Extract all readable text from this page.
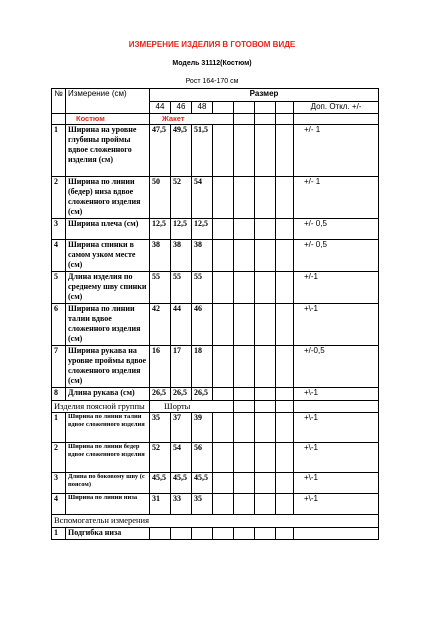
ИЗМЕРЕНИЕ ИЗДЕЛИЯ В ГОТОВОМ ВИДЕ
Модель 31112(Костюм)
Рост 164-170 см
№	Измерение (см)	Размер							
		44	46	48					Доп. Откл. +/-
	Костюм	Жакет							
1	Ширина на уровне глубины проймы вдвое сложенного изделия (см)	47,5	49,5	51,5					+/- 1
2	Ширина по линии (бедер) низа вдвое сложенного изделия (см)	50	52	54					+/- 1
3	Ширина плеча (см)	12,5	12,5	12,5					+/- 0,5
4	Ширина спинки в самом узком месте (см)	38	38	38					+/- 0,5
5	Длина изделия по среднему шву спинки (см)	55	55	55					+/-1
6	Ширина по линии талии вдвое сложенного изделия (см)	42	44	46					+\-1
7	Ширина рукава на уровне проймы вдвое сложенного изделия (см)	16	17	18					+/-0,5
8	Длина рукава (см)	26,5	26,5	26,5					+\-1
Изделия поясной группы		Шорты							
1	Ширина по линии талии вдвое сложенного изделия	35	37	39					+\-1
2	Ширина по линии бедер вдвое сложенного изделия	52	54	56					+\-1
3	Длина по боковому шву (с поясом)	45,5	45,5	45,5					+\-1
4	Ширина по линии низа	31	33	35					+\-1
Вспомогательн измерения									
1	Подгибка низа								
